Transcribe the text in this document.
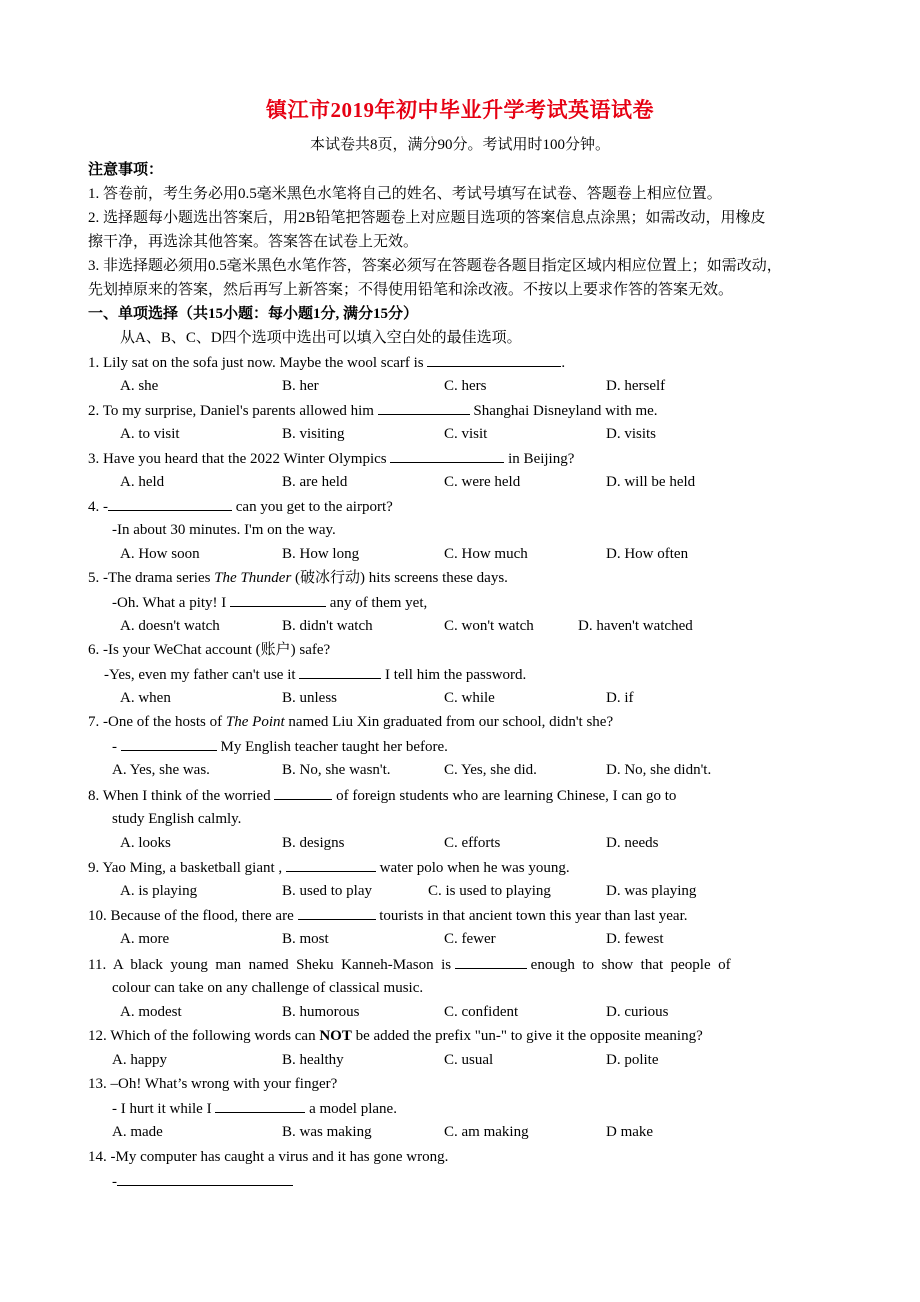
镇江市2019年初中毕业升学考试英语试卷
本试卷共8页，满分90分。考试用时100分钟。
注意事项：
1. 答卷前，考生务必用0.5毫米黑色水笔将自己的姓名、考试号填写在试卷、答题卷上相应位置。
2. 选择题每小题选出答案后，用2B铅笔把答题卷上对应题目选项的答案信息点涂黑；如需改动，用橡皮
擦干净，再选涂其他答案。答案答在试卷上无效。
3. 非选择题必须用0.5毫米黑色水笔作答，答案必须写在答题卷各题目指定区域内相应位置上；如需改动，
先划掉原来的答案，然后再写上新答案；不得使用铅笔和涂改液。不按以上要求作答的答案无效。
一、单项选择（共15小题：每小题1分, 满分15分）
从A、B、C、D四个选项中选出可以填入空白处的最佳选项。
1. Lily sat on the sofa just now. Maybe the wool scarf is	.
A. she	B. her	C. hers	D. herself
2. To my surprise, Daniel's parents allowed him	Shanghai Disneyland with me.
A. to visit	B. visiting	C. visit	D. visits
3. Have you heard that the 2022 Winter Olympics	in Beijing?
A. held	B. are held	C. were held	D. will be held
4. -	can you get to the airport?
-In about 30 minutes. I'm on the way.
A. How soon	B. How long	C. How much	D. How often
5. -The drama series The Thunder (破冰行动) hits screens these days.
-Oh. What a pity! I	any of them yet,
A. doesn't watch	B. didn't watch	C. won't watch	D. haven't watched
6. -Is your WeChat account (账户) safe?
-Yes, even my father can't use it	I tell him the password.
A. when	B. unless	C. while	D. if
7. -One of the hosts of The Point named Liu Xin graduated from our school, didn't she?
-	My English teacher taught her before.
A. Yes, she was.	B. No, she wasn't.	C. Yes, she did.	D. No, she didn't.
8. When I think of the worried	of foreign students who are learning Chinese, I can go to
study English calmly.
A. looks	B. designs	C. efforts	D. needs
9. Yao Ming, a basketball giant ,	water polo when he was young.
A. is playing	B. used to play	C. is used to playing	D. was playing
10. Because of the flood, there are	tourists in that ancient town this year than last year.
A. more	B. most	C. fewer	D. fewest
11.  A  black  young  man  named  Sheku  Kanneh-Mason  is	enough  to  show  that  people  of
colour can take on any challenge of classical music.
A. modest	B. humorous	C. confident	D. curious
12. Which of the following words can NOT be added the prefix "un-" to give it the opposite meaning?
A. happy	B. healthy	C. usual	D. polite
13. –Oh! What’s wrong with your finger?
- I hurt it while I	a model plane.
A. made	B. was making	C. am making	D make
14. -My computer has caught a virus and it has gone wrong.
-
